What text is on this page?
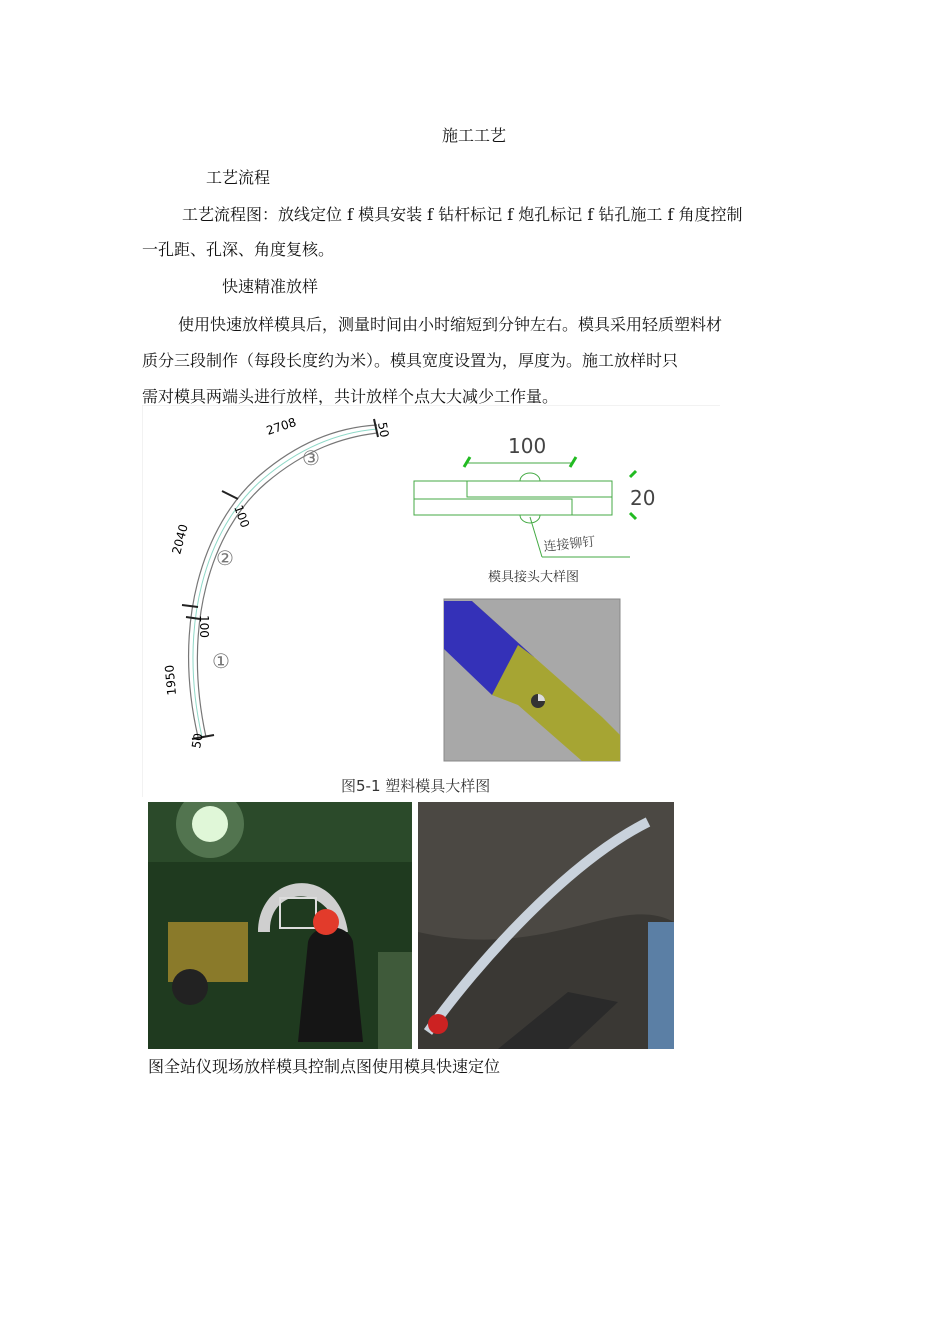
施工工艺
工艺流程
工艺流程图：放线定位 f 模具安装 f 钻杆标记 f 炮孔标记 f 钻孔施工 f 角度控制
一孔距、孔深、角度复核。
快速精准放样
使用快速放样模具后，测量时间由小时缩短到分钟左右。模具采用轻质塑料材
质分三段制作（每段长度约为米）。模具宽度设置为，厚度为。施工放样时只
需对模具两端头进行放样，共计放样个点大大减少工作量。
2708
100
2040
100
1950
50
50
①
②
③	100
20
连接铆钉
模具接头大样图
图5-1 塑料模具大样图
图全站仪现场放样模具控制点图使用模具快速定位
